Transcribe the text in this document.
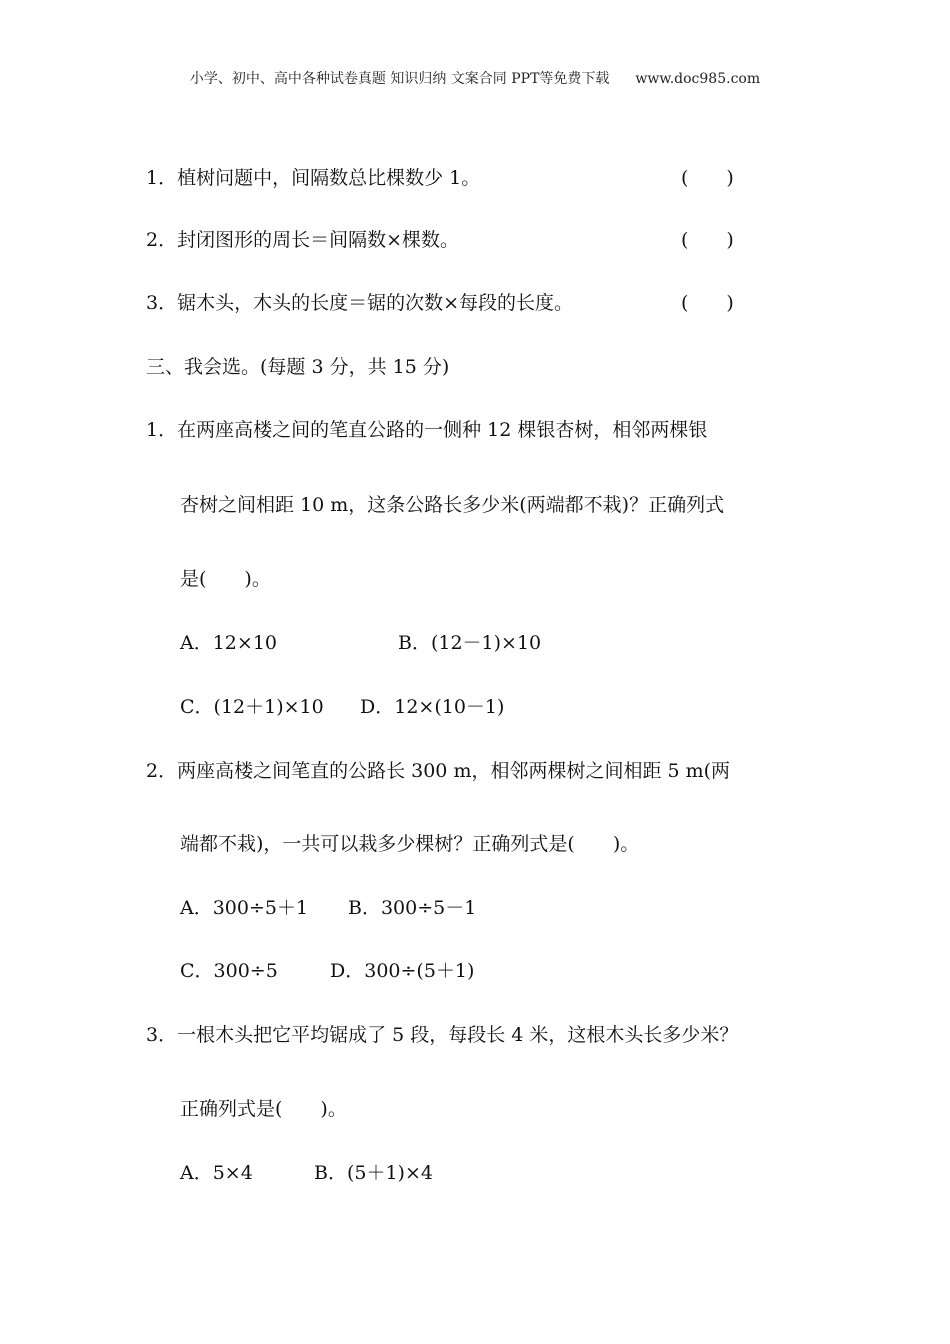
小学、初中、高中各种试卷真题 知识归纳 文案合同 PPT等免费下载 www.doc985.com
1．植树问题中，间隔数总比棵数少 1。	(　　)
2．封闭图形的周长＝间隔数×棵数。	(　　)
3．锯木头，木头的长度＝锯的次数×每段的长度。	(　　)
三、我会选。(每题 3 分，共 15 分)
1．在两座高楼之间的笔直公路的一侧种 12 棵银杏树，相邻两棵银
杏树之间相距 10 m，这条公路长多少米(两端都不栽)？正确列式
是(　　)。
A．12×10	B．(12－1)×10
C．(12＋1)×10 D．12×(10－1)
2．两座高楼之间笔直的公路长 300 m，相邻两棵树之间相距 5 m(两
端都不栽)，一共可以栽多少棵树？正确列式是(　　)。
A．300÷5＋1 B．300÷5－1
C．300÷5	D．300÷(5＋1)
3．一根木头把它平均锯成了 5 段，每段长 4 米，这根木头长多少米？
正确列式是(　　)。
A．5×4	B．(5＋1)×4
